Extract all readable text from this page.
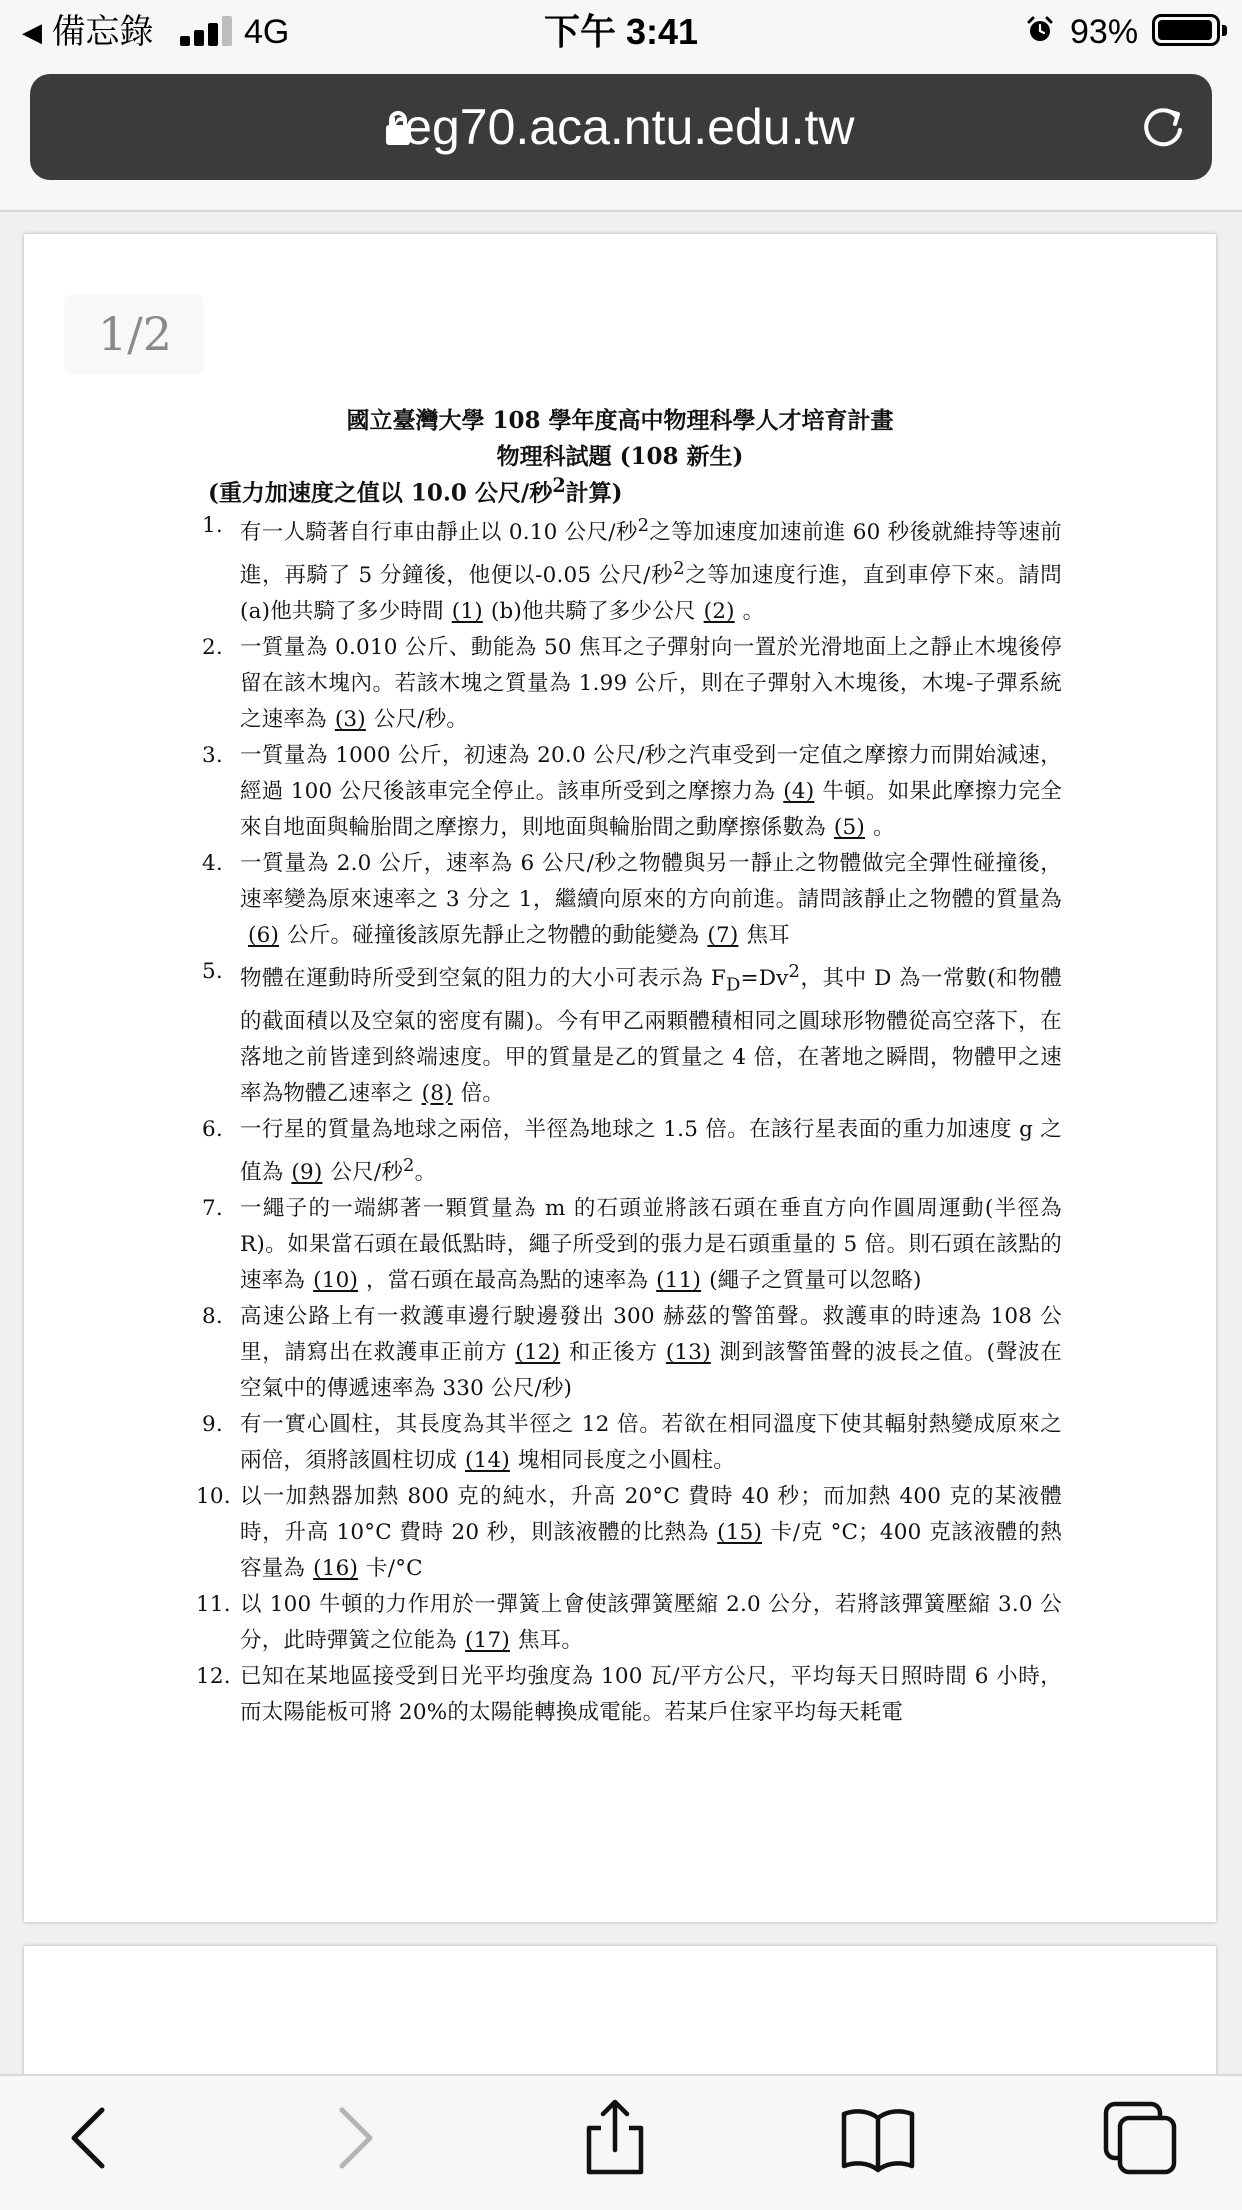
◀ 備忘錄	4G	下午 3:41	93%
reg70.aca.ntu.edu.tw
1/2
國立臺灣大學 108 學年度高中物理科學人才培育計畫
物理科試題 (108 新生)
(重力加速度之值以 10.0 公尺/秒$^2$計算)
1. 有一人騎著自行車由靜止以 0.10 公尺/秒$^2$之等加速度加速前進 60 秒後就維持等速前進，再騎了 5 分鐘後，他便以-0.05 公尺/秒$^2$之等加速度行進，直到車停下來。請問(a)他共騎了多少時間 (1) (b)他共騎了多少公尺 (2) 。
2. 一質量為 0.010 公斤、動能為 50 焦耳之子彈射向一置於光滑地面上之靜止木塊後停留在該木塊內。若該木塊之質量為 1.99 公斤，則在子彈射入木塊後，木塊-子彈系統之速率為 (3) 公尺/秒。
3. 一質量為 1000 公斤，初速為 20.0 公尺/秒之汽車受到一定值之摩擦力而開始減速，經過 100 公尺後該車完全停止。該車所受到之摩擦力為 (4) 牛頓。如果此摩擦力完全來自地面與輪胎間之摩擦力，則地面與輪胎間之動摩擦係數為 (5) 。
4. 一質量為 2.0 公斤，速率為 6 公尺/秒之物體與另一靜止之物體做完全彈性碰撞後，速率變為原來速率之 3 分之 1，繼續向原來的方向前進。請問該靜止之物體的質量為(6) 公斤。碰撞後該原先靜止之物體的動能變為 (7) 焦耳
5. 物體在運動時所受到空氣的阻力的大小可表示為 $F_D=Dv^2$，其中 D 為一常數(和物體的截面積以及空氣的密度有關)。今有甲乙兩顆體積相同之圓球形物體從高空落下，在落地之前皆達到終端速度。甲的質量是乙的質量之 4 倍，在著地之瞬間，物體甲之速率為物體乙速率之 (8) 倍。
6. 一行星的質量為地球之兩倍，半徑為地球之 1.5 倍。在該行星表面的重力加速度 g 之值為 (9) 公尺/秒$^2$。
7. 一繩子的一端綁著一顆質量為 m 的石頭並將該石頭在垂直方向作圓周運動(半徑為 R)。如果當石頭在最低點時，繩子所受到的張力是石頭重量的 5 倍。則石頭在該點的速率為 (10) ，當石頭在最高為點的速率為 (11) (繩子之質量可以忽略)
8. 高速公路上有一救護車邊行駛邊發出 300 赫茲的警笛聲。救護車的時速為 108 公里，請寫出在救護車正前方 (12) 和正後方 (13) 測到該警笛聲的波長之值。(聲波在空氣中的傳遞速率為 330 公尺/秒)
9. 有一實心圓柱，其長度為其半徑之 12 倍。若欲在相同溫度下使其輻射熱變成原來之兩倍，須將該圓柱切成 (14) 塊相同長度之小圓柱。
10. 以一加熱器加熱 800 克的純水，升高 20°C 費時 40 秒；而加熱 400 克的某液體時，升高 10°C 費時 20 秒，則該液體的比熱為 (15) 卡/克 °C；400 克該液體的熱容量為 (16) 卡/°C
11. 以 100 牛頓的力作用於一彈簧上會使該彈簧壓縮 2.0 公分，若將該彈簧壓縮 3.0 公分，此時彈簧之位能為 (17) 焦耳。
12. 已知在某地區接受到日光平均強度為 100 瓦/平方公尺，平均每天日照時間 6 小時，而太陽能板可將 20%的太陽能轉換成電能。若某戶住家平均每天耗電
